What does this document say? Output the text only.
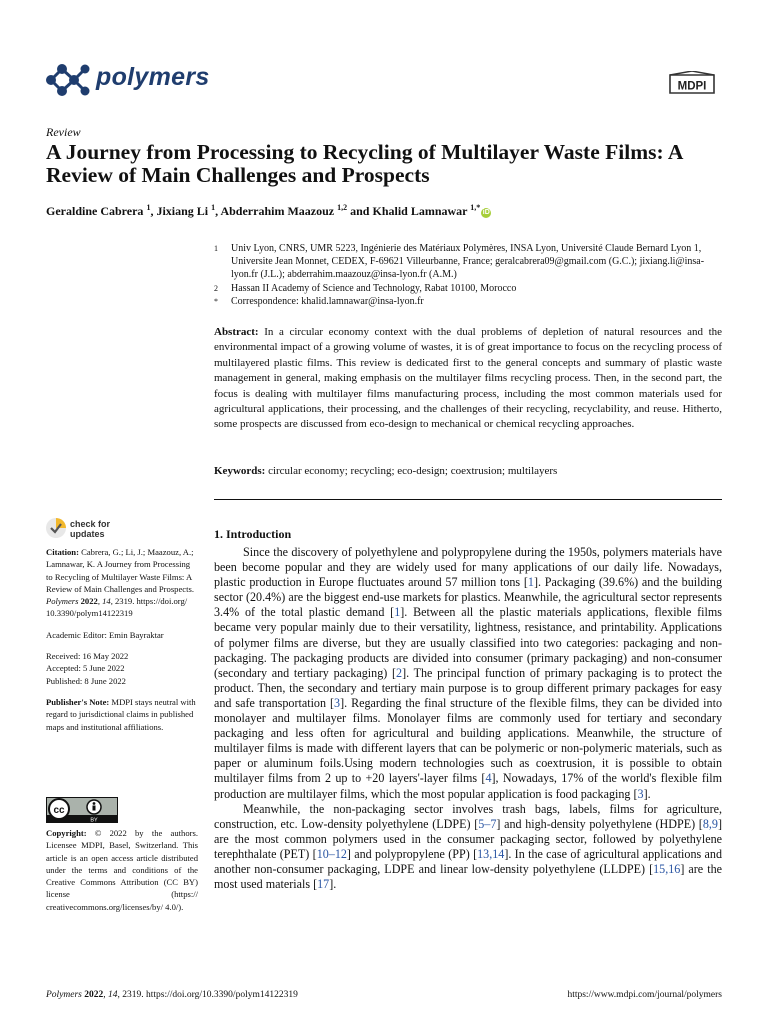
polymers	MDPI
Review
A Journey from Processing to Recycling of Multilayer Waste Films: A Review of Main Challenges and Prospects
Geraldine Cabrera $^1$, Jixiang Li $^1$, Abderrahim Maazouz $^{1,2}$ and Khalid Lamnawar $^{1,*}$iD
1 Univ Lyon, CNRS, UMR 5223, Ingénierie des Matériaux Polymères, INSA Lyon, Université Claude Bernard Lyon 1, Universite Jean Monnet, CEDEX, F-69621 Villeurbanne, France; geralcabrera09@gmail.com (G.C.); jixiang.li@insa-lyon.fr (J.L.); abderrahim.maazouz@insa-lyon.fr (A.M.)
2 Hassan II Academy of Science and Technology, Rabat 10100, Morocco
* Correspondence: khalid.lamnawar@insa-lyon.fr
Abstract: In a circular economy context with the dual problems of depletion of natural resources and the environmental impact of a growing volume of wastes, it is of great importance to focus on the recycling process of multilayered plastic films. This review is dedicated first to the general concepts and summary of plastic waste management in general, making emphasis on the multilayer films recycling process. Then, in the second part, the focus is dealing with multilayer films manufacturing process, including the most common materials used for agricultural applications, their processing, and the challenges of their recycling, recyclability, and reuse. Hitherto, some prospects are discussed from eco-design to mechanical or chemical recycling approaches.
Keywords: circular economy; recycling; eco-design; coextrusion; multilayers
check for
updates

Citation: Cabrera, G.; Li, J.; Maazouz, A.; Lamnawar, K. A Journey from Processing to Recycling of Multilayer Waste Films: A Review of Main Challenges and Prospects. Polymers 2022, 14, 2319. https://doi.org/ 10.3390/polym14122319

Academic Editor: Emin Bayraktar

Received: 16 May 2022

Accepted: 5 June 2022

Published: 8 June 2022

Publisher's Note: MDPI stays neutral with regard to jurisdictional claims in published maps and institutional affiliations.

cc
BY
Copyright: © 2022 by the authors. Licensee MDPI, Basel, Switzerland. This article is an open access article distributed under the terms and conditions of the Creative Commons Attribution (CC BY) license (https:// creativecommons.org/licenses/by/ 4.0/).
1. Introduction

Since the discovery of polyethylene and polypropylene during the 1950s, polymers materials have been become popular and they are widely used for many applications of our daily life. Nowadays, plastic production in Europe fluctuates around 57 million tons [1]. Packaging (39.6%) and the building sector (20.4%) are the biggest end-use markets for plastics. Meanwhile, the agricultural sector represents 3.4% of the total plastic demand [1]. Between all the plastic materials applications, flexible films became very popular mainly due to their versatility, lightness, resistance, and printability. Applications of polymer films are diverse, but they are usually classified into two categories: packaging and non-packaging. The packaging products are divided into consumer (primary packaging) and non-consumer (secondary and tertiary packaging) [2]. The principal function of primary packaging is to protect the product. Then, the secondary and tertiary main purpose is to group different primary packages for easy and safe transportation [3]. Regarding the final structure of the flexible films, they can be divided into monolayer and multilayer films. Monolayer films are commonly used for tertiary and secondary packaging and less often for agricultural and building applications. Meanwhile, the structure of multilayer films is made with different layers that can be polymeric or non-polymeric materials, such as paper or aluminum foils.Using modern technologies such as coextrusion, it is possible to obtain multilayer films from 2 up to +20 layers'-layer films [4], Nowadays, 17% of the world's flexible film production are multilayer films, which the most popular application is food packaging [3].

Meanwhile, the non-packaging sector involves trash bags, labels, films for agriculture, construction, etc. Low-density polyethylene (LDPE) [5–7] and high-density polyethylene (HDPE) [8,9] are the most common polymers used in the consumer packaging sector, followed by polyethylene terephthalate (PET) [10–12] and polypropylene (PP) [13,14]. In the case of agricultural applications and another non-consumer packaging, LDPE and linear low-density polyethylene (LLDPE) [15,16] are the most used materials [17].

Polymers 2022, 14, 2319. https://doi.org/10.3390/polym14122319	https://www.mdpi.com/journal/polymers
